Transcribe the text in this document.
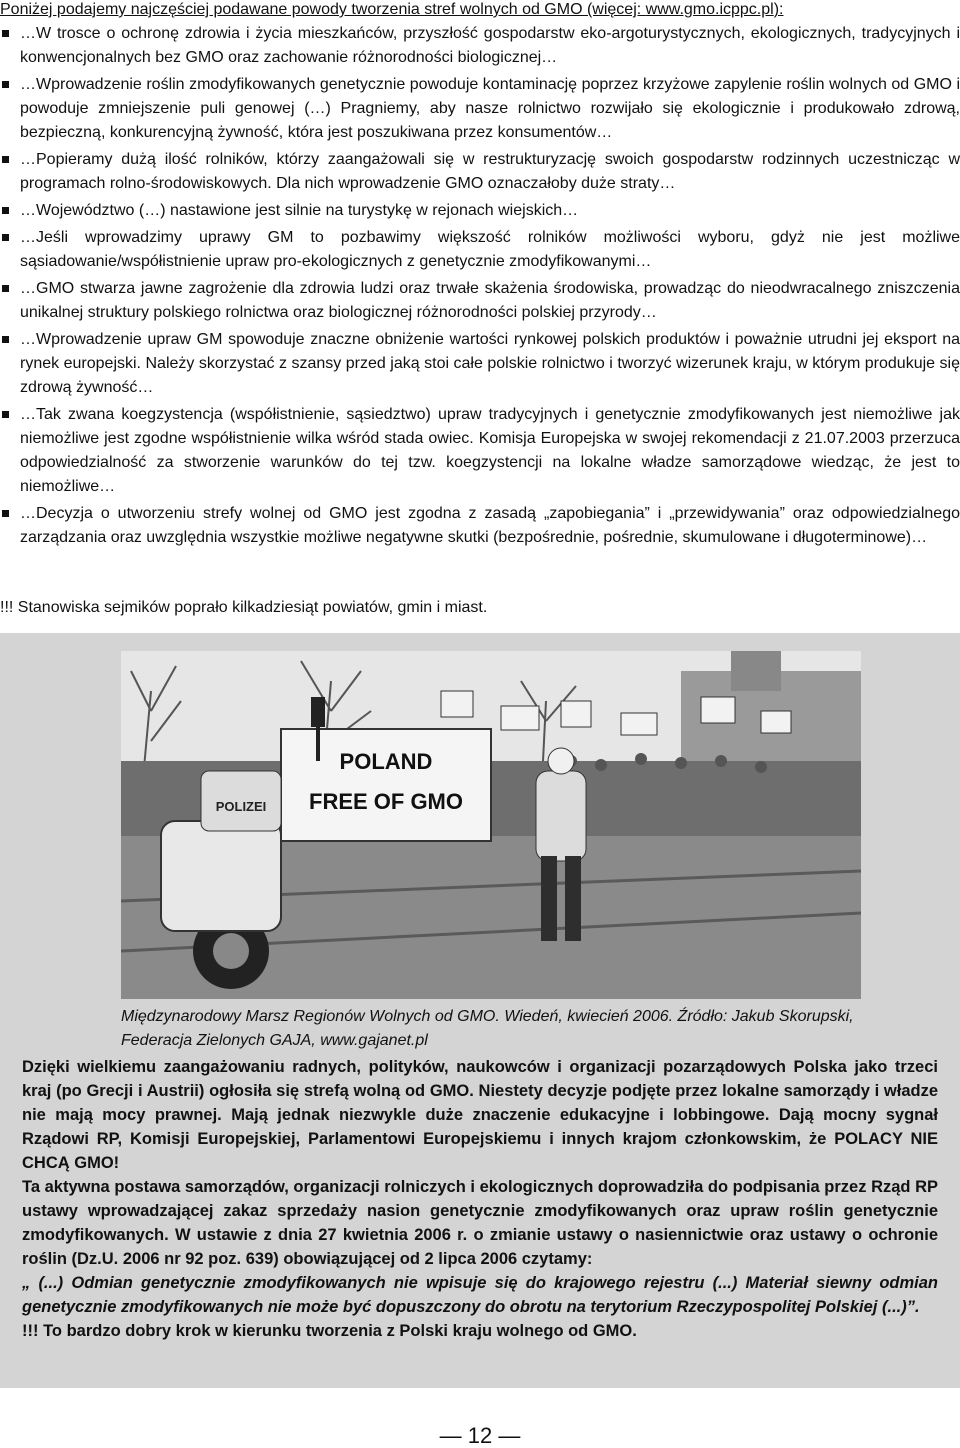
Poniżej podajemy najczęściej podawane powody tworzenia stref wolnych od GMO (więcej: www.gmo.icppc.pl):
…W trosce o ochronę zdrowia i życia mieszkańców, przyszłość gospodarstw eko-argoturystycznych, ekologicznych, tradycyjnych i konwencjonalnych bez GMO oraz zachowanie różnorodności biologicznej…
…Wprowadzenie roślin zmodyfikowanych genetycznie powoduje kontaminację poprzez krzyżowe zapylenie roślin wolnych od GMO i powoduje zmniejszenie puli genowej (…) Pragniemy, aby nasze rolnictwo rozwijało się ekologicznie i produkowało zdrową, bezpieczną, konkurencyjną żywność, która jest poszukiwana przez konsumentów…
…Popieramy dużą ilość rolników, którzy zaangażowali się w restrukturyzację swoich gospodarstw rodzinnych uczestnicząc w programach rolno-środowiskowych. Dla nich wprowadzenie GMO oznaczałoby duże straty…
…Województwo (…) nastawione jest silnie na turystykę w rejonach wiejskich…
…Jeśli wprowadzimy uprawy GM to pozbawimy większość rolników możliwości wyboru, gdyż nie jest możliwe sąsiadowanie/współistnienie upraw pro-ekologicznych z genetycznie zmodyfikowanymi…
…GMO stwarza jawne zagrożenie dla zdrowia ludzi oraz trwałe skażenia środowiska, prowadząc do nieodwracalnego zniszczenia unikalnej struktury polskiego rolnictwa oraz biologicznej różnorodności polskiej przyrody…
…Wprowadzenie upraw GM spowoduje znaczne obniżenie wartości rynkowej polskich produktów i poważnie utrudni jej eksport na rynek europejski. Należy skorzystać z szansy przed jaką stoi całe polskie rolnictwo i tworzyć wizerunek kraju, w którym produkuje się zdrową żywność…
…Tak zwana koegzystencja (współistnienie, sąsiedztwo) upraw tradycyjnych i genetycznie zmodyfikowanych jest niemożliwe jak niemożliwe jest zgodne współistnienie wilka wśród stada owiec. Komisja Europejska w swojej rekomendacji z 21.07.2003 przerzuca odpowiedzialność za stworzenie warunków do tej tzw. koegzystencji na lokalne władze samorządowe wiedząc, że jest to niemożliwe…
…Decyzja o utworzeniu strefy wolnej od GMO jest zgodna z zasadą „zapobiegania” i „przewidywania” oraz odpowiedzialnego zarządzania oraz uwzględnia wszystkie możliwe negatywne skutki (bezpośrednie, pośrednie, skumulowane i długoterminowe)…
!!! Stanowiska sejmików poprało kilkadziesiąt powiatów, gmin i miast.
POLAND
FREE OF GMO
POLIZEI
Międzynarodowy Marsz Regionów Wolnych od GMO. Wiedeń, kwiecień 2006. Źródło: Jakub Skorupski, Federacja Zielonych GAJA, www.gajanet.pl

Dzięki wielkiemu zaangażowaniu radnych, polityków, naukowców i organizacji pozarządowych Polska jako trzeci kraj (po Grecji i Austrii) ogłosiła się strefą wolną od GMO. Niestety decyzje podjęte przez lokalne samorządy i władze nie mają mocy prawnej. Mają jednak niezwykle duże znaczenie edukacyjne i lobbingowe. Dają mocny sygnał Rządowi RP, Komisji Europejskiej, Parlamentowi Europejskiemu i innych krajom członkowskim, że POLACY NIE CHCĄ GMO!

Ta aktywna postawa samorządów, organizacji rolniczych i ekologicznych doprowadziła do podpisania przez Rząd RP ustawy wprowadzającej zakaz sprzedaży nasion genetycznie zmodyfikowanych oraz upraw roślin genetycznie zmodyfikowanych. W ustawie z dnia 27 kwietnia 2006 r. o zmianie ustawy o nasiennictwie oraz ustawy o ochronie roślin (Dz.U. 2006 nr 92 poz. 639) obowiązującej od 2 lipca 2006 czytamy:

„ (...) Odmian genetycznie zmodyfikowanych nie wpisuje się do krajowego rejestru (...) Materiał siewny odmian genetycznie zmodyfikowanych nie może być dopuszczony do obrotu na terytorium Rzeczypospolitej Polskiej (...)”.

!!! To bardzo dobry krok w kierunku tworzenia z Polski kraju wolnego od GMO.

— 12 —
